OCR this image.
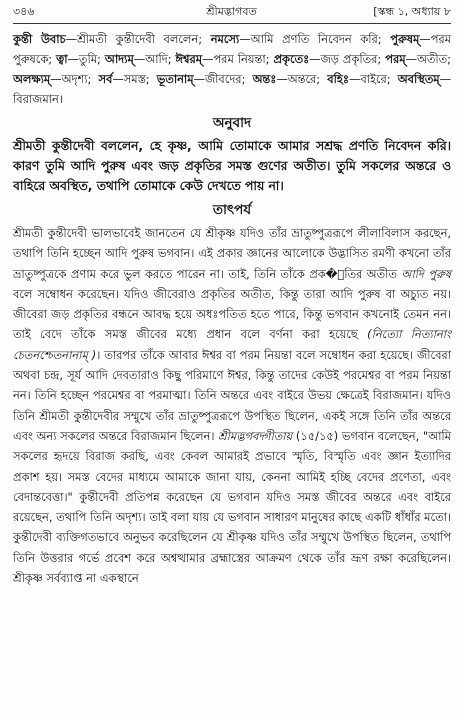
৩৪৬	শ্রীমদ্ভাগবত	[স্কন্ধ ১, অধ্যায় ৮
কুন্তী উবাচ—শ্রীমতী কুন্তীদেবী বললেন; নমস্যে—আমি প্রণতি নিবেদন করি; পুরুষম্—পরম পুরুষকে; ত্বা—তুমি; আদ্যম্—আদি; ঈশ্বরম্—পরম নিয়ন্তা; প্রকৃতেঃ—জড় প্রকৃতির; পরম্—অতীত; অলক্ষ্যম্—অদৃশ্য; সর্ব—সমস্ত; ভূতানাম্—জীবদের; অন্তঃ—অন্তরে; বহিঃ—বাইরে; অবস্থিতম্—বিরাজমান।
অনুবাদ
শ্রীমতী কুন্তীদেবী বললেন, হে কৃষ্ণ, আমি তোমাকে আমার সশ্রদ্ধ প্রণতি নিবেদন করি। কারণ তুমি আদি পুরুষ এবং জড় প্রকৃতির সমস্ত গুণের অতীত। তুমি সকলের অন্তরে ও বাহিরে অবস্থিত, তথাপি তোমাকে কেউ দেখতে পায় না।
তাৎপর্য
শ্রীমতী কুন্তীদেবী ভালভাবেই জানতেন যে শ্রীকৃষ্ণ যদিও তাঁর ভ্রাতুষ্পুত্ররূপে লীলাবিলাস করছেন, তথাপি তিনি হচ্ছেন আদি পুরুষ ভগবান। এই প্রকার জ্ঞানের আলোকে উদ্ভাসিত রমণী কখনো তাঁর ভ্রাতুষ্পুত্রকে প্রণাম করে ভুল করতে পারেন না। তাই, তিনি তাঁকে প্রক�ৃতির অতীত আদি পুরুষ বলে সম্বোধন করেছেন। যদিও জীবেরাও প্রকৃতির অতীত, কিন্তু তারা আদি পুরুষ বা অচ্যুত নয়। জীবেরা জড় প্রকৃতির বন্ধনে আবদ্ধ হয়ে অধঃপতিত হতে পারে, কিন্তু ভগবান কখনোই তেমন নন। তাই বেদে তাঁকে সমস্ত জীবের মধ্যে প্রধান বলে বর্ণনা করা হয়েছে (নিত্যো নিত্যানাং চেতনশ্চেতনানাম্ )। তারপর তাঁকে আবার ঈশ্বর বা পরম নিয়ন্তা বলে সম্বোধন করা হয়েছে। জীবেরা অথবা চন্দ্র, সূর্য আদি দেবতারাও কিছু পরিমাণে ঈশ্বর, কিন্তু তাদের কেউই পরমেশ্বর বা পরম নিয়ন্তা নন। তিনি হচ্ছেন পরমেশ্বর বা পরমাত্মা। তিনি অন্তরে এবং বাইরে উভয় ক্ষেত্রেই বিরাজমান। যদিও তিনি শ্রীমতী কুন্তীদেবীর সম্মুখে তাঁর ভ্রাতুষ্পুত্ররূপে উপস্থিত ছিলেন, একই সঙ্গে তিনি তাঁর অন্তরে এবং অন্য সকলের অন্তরে বিরাজমান ছিলেন। শ্রীমদ্ভগবদ্গীতায় (১৫/১৫) ভগবান বলেছেন, "আমি সকলের হৃদয়ে বিরাজ করছি, এবং কেবল আমারই প্রভাবে স্মৃতি, বিস্মৃতি এবং জ্ঞান ইত্যাদির প্রকাশ হয়। সমস্ত বেদের মাধ্যমে আমাকে জানা যায়, কেননা আমিই হচ্ছি বেদের প্রণেতা, এবং বেদান্তবেত্তা।" কুন্তীদেবী প্রতিপন্ন করেছেন যে ভগবান যদিও সমস্ত জীবের অন্তরে এবং বাইরে রয়েছেন, তথাপি তিনি অদৃশ্য। তাই বলা যায় যে ভগবান সাধারণ মানুষের কাছে একটি ধাঁধাঁর মতো। কুন্তীদেবী ব্যক্তিগতভাবে অনুভব করেছিলেন যে শ্রীকৃষ্ণ যদিও তাঁর সম্মুখে উপস্থিত ছিলেন, তথাপি তিনি উত্তরার গর্ভে প্রবেশ করে অশ্বত্থামার ব্রহ্মাস্ত্রের আক্রমণ থেকে তাঁর ভ্রূণ রক্ষা করেছিলেন। শ্রীকৃষ্ণ সর্বব্যাপ্ত না একস্থানে
